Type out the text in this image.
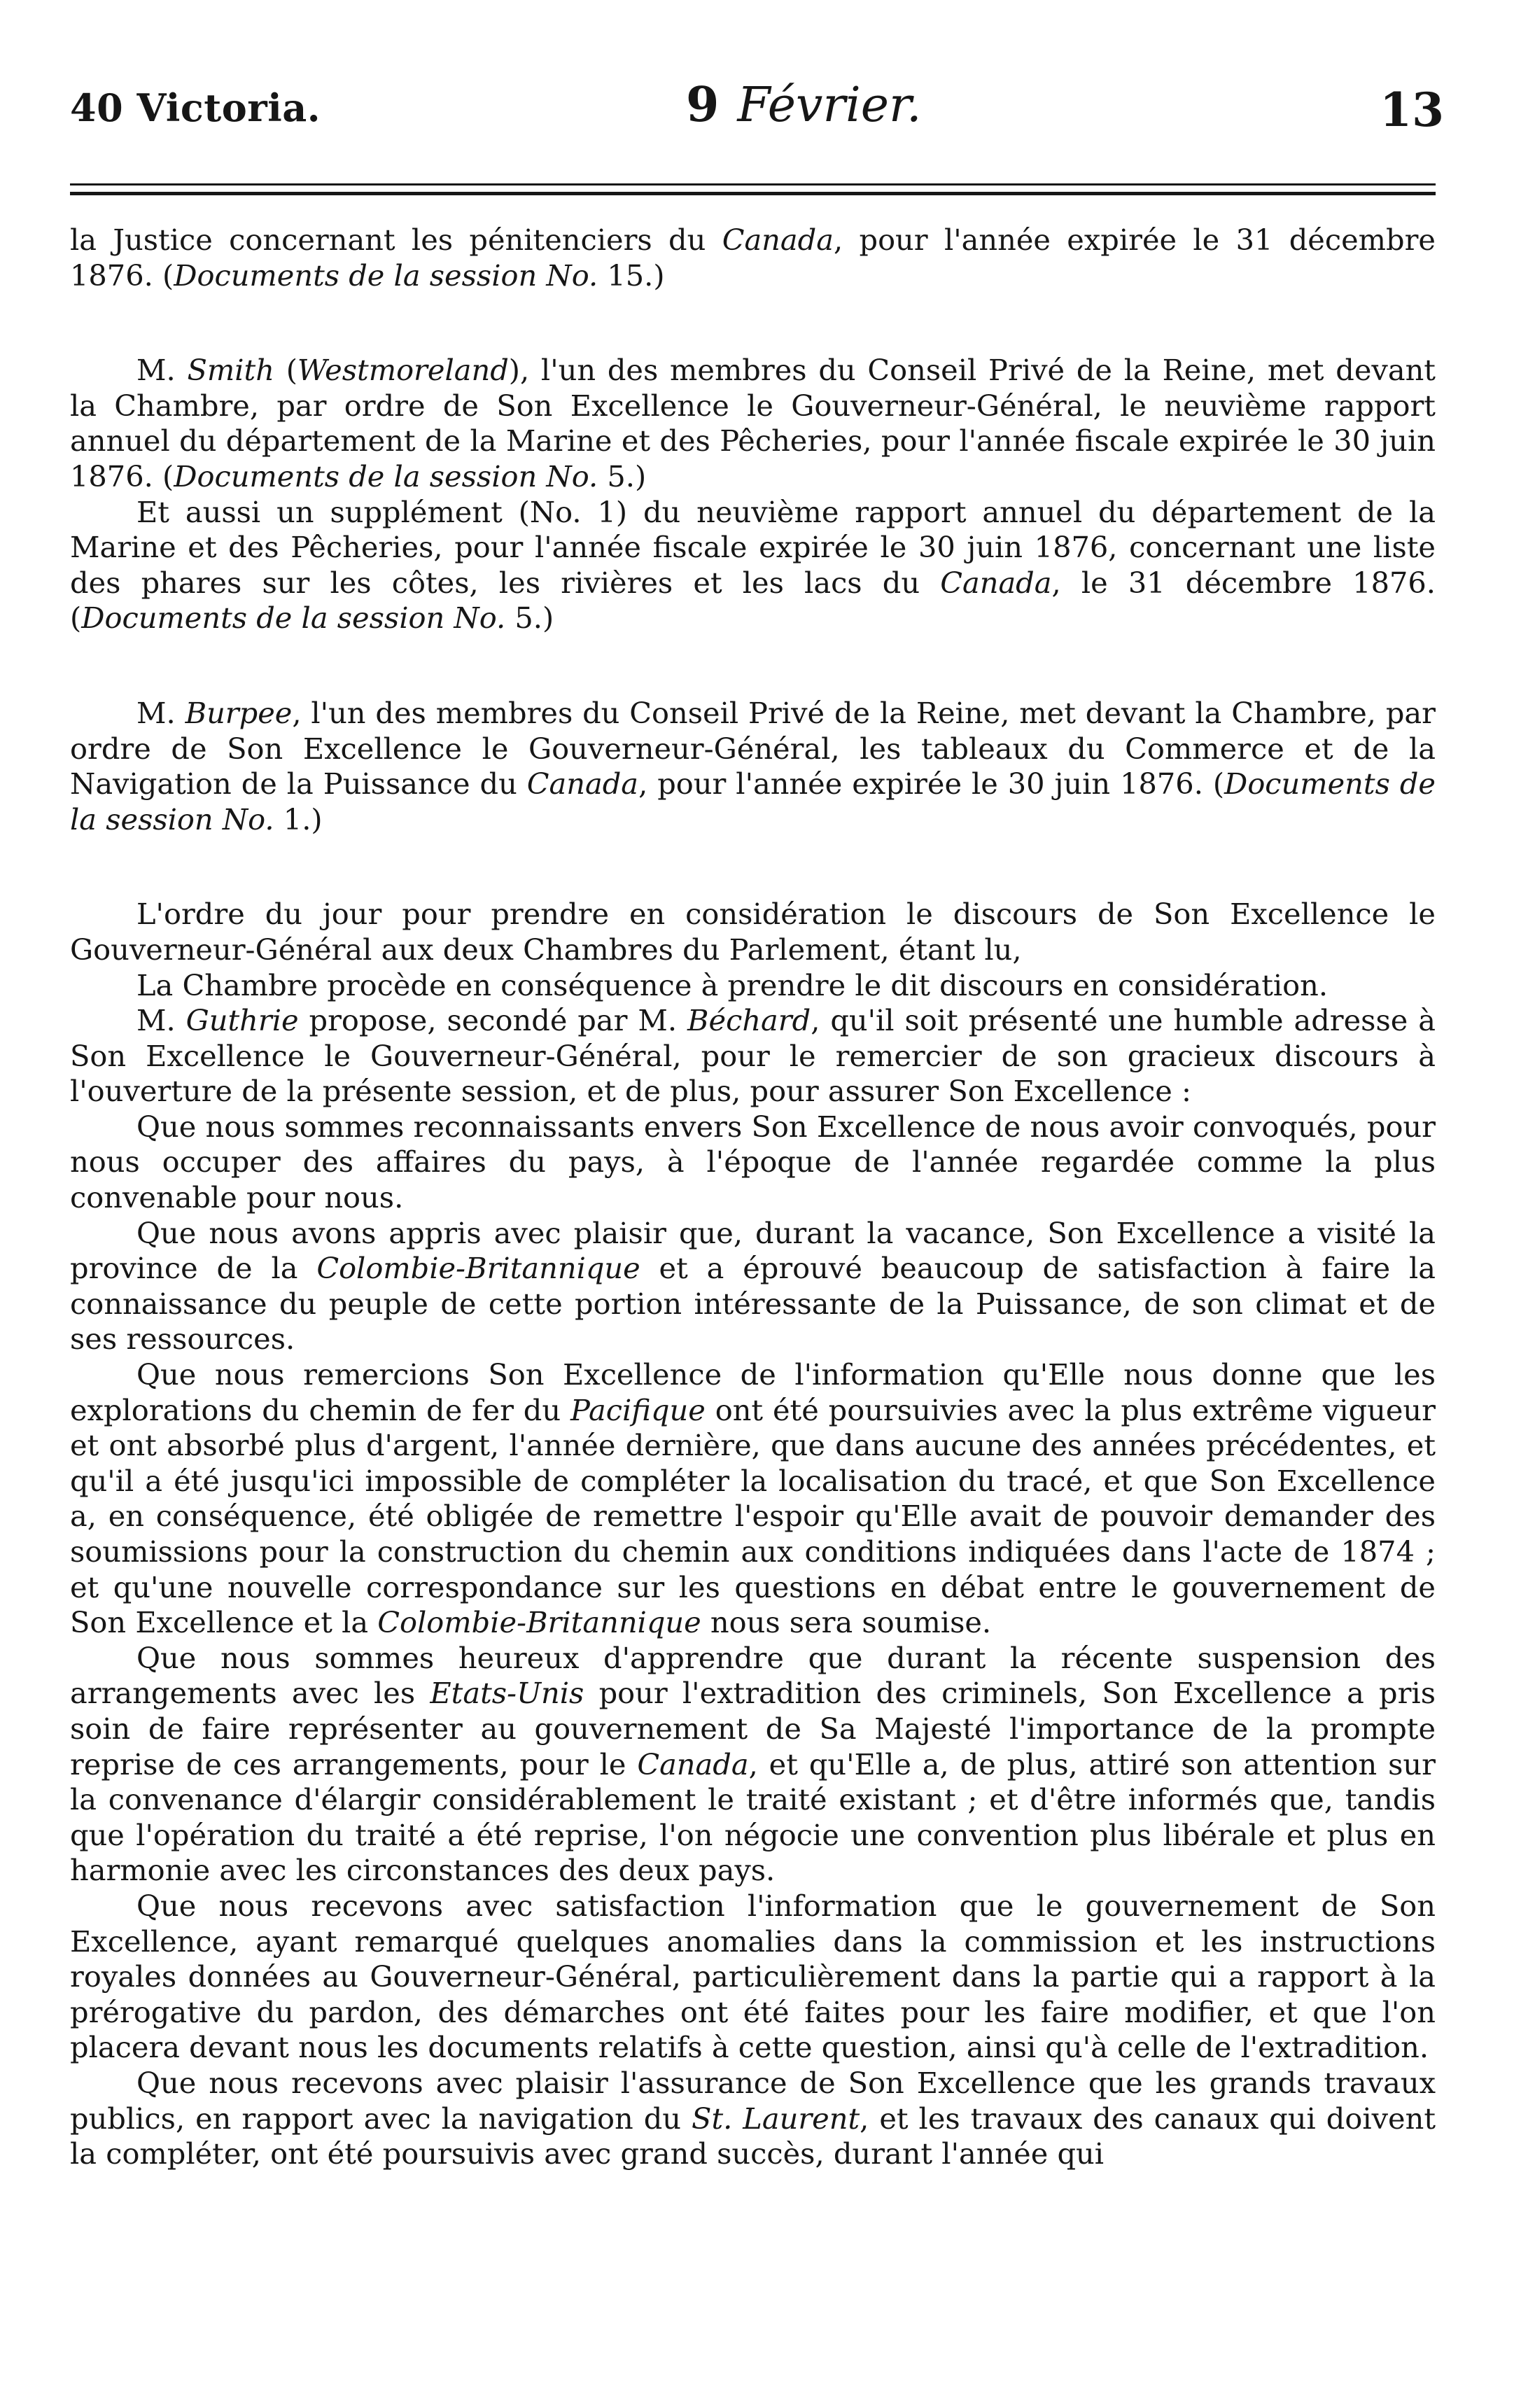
40 Victoria.	9 Février.	13

la Justice concernant les pénitenciers du Canada, pour l'année expirée le 31 décembre 1876. (Documents de la session No. 15.)

M. Smith (Westmoreland), l'un des membres du Conseil Privé de la Reine, met devant la Chambre, par ordre de Son Excellence le Gouverneur-Général, le neuvième rapport annuel du département de la Marine et des Pêcheries, pour l'année fiscale expirée le 30 juin 1876. (Documents de la session No. 5.)

Et aussi un supplément (No. 1) du neuvième rapport annuel du département de la Marine et des Pêcheries, pour l'année fiscale expirée le 30 juin 1876, concernant une liste des phares sur les côtes, les rivières et les lacs du Canada, le 31 décembre 1876. (Documents de la session No. 5.)

M. Burpee, l'un des membres du Conseil Privé de la Reine, met devant la Chambre, par ordre de Son Excellence le Gouverneur-Général, les tableaux du Commerce et de la Navigation de la Puissance du Canada, pour l'année expirée le 30 juin 1876. (Documents de la session No. 1.)

L'ordre du jour pour prendre en considération le discours de Son Excellence le Gouverneur-Général aux deux Chambres du Parlement, étant lu,

La Chambre procède en conséquence à prendre le dit discours en considération.

M. Guthrie propose, secondé par M. Béchard, qu'il soit présenté une humble adresse à Son Excellence le Gouverneur-Général, pour le remercier de son gracieux discours à l'ouverture de la présente session, et de plus, pour assurer Son Excellence :

Que nous sommes reconnaissants envers Son Excellence de nous avoir convoqués, pour nous occuper des affaires du pays, à l'époque de l'année regardée comme la plus convenable pour nous.

Que nous avons appris avec plaisir que, durant la vacance, Son Excellence a visité la province de la Colombie-Britannique et a éprouvé beaucoup de satisfaction à faire la connaissance du peuple de cette portion intéressante de la Puissance, de son climat et de ses ressources.

Que nous remercions Son Excellence de l'information qu'Elle nous donne que les explorations du chemin de fer du Pacifique ont été poursuivies avec la plus extrême vigueur et ont absorbé plus d'argent, l'année dernière, que dans aucune des années précédentes, et qu'il a été jusqu'ici impossible de compléter la localisation du tracé, et que Son Excellence a, en conséquence, été obligée de remettre l'espoir qu'Elle avait de pouvoir demander des soumissions pour la construction du chemin aux conditions indiquées dans l'acte de 1874 ; et qu'une nouvelle correspondance sur les questions en débat entre le gouvernement de Son Excellence et la Colombie-Britannique nous sera soumise.

Que nous sommes heureux d'apprendre que durant la récente suspension des arrangements avec les Etats-Unis pour l'extradition des criminels, Son Excellence a pris soin de faire représenter au gouvernement de Sa Majesté l'importance de la prompte reprise de ces arrangements, pour le Canada, et qu'Elle a, de plus, attiré son attention sur la convenance d'élargir considérablement le traité existant ; et d'être informés que, tandis que l'opération du traité a été reprise, l'on négocie une convention plus libérale et plus en harmonie avec les circonstances des deux pays.

Que nous recevons avec satisfaction l'information que le gouvernement de Son Excellence, ayant remarqué quelques anomalies dans la commission et les instructions royales données au Gouverneur-Général, particulièrement dans la partie qui a rapport à la prérogative du pardon, des démarches ont été faites pour les faire modifier, et que l'on placera devant nous les documents relatifs à cette question, ainsi qu'à celle de l'extradition.

Que nous recevons avec plaisir l'assurance de Son Excellence que les grands travaux publics, en rapport avec la navigation du St. Laurent, et les travaux des canaux qui doivent la compléter, ont été poursuivis avec grand succès, durant l'année qui
